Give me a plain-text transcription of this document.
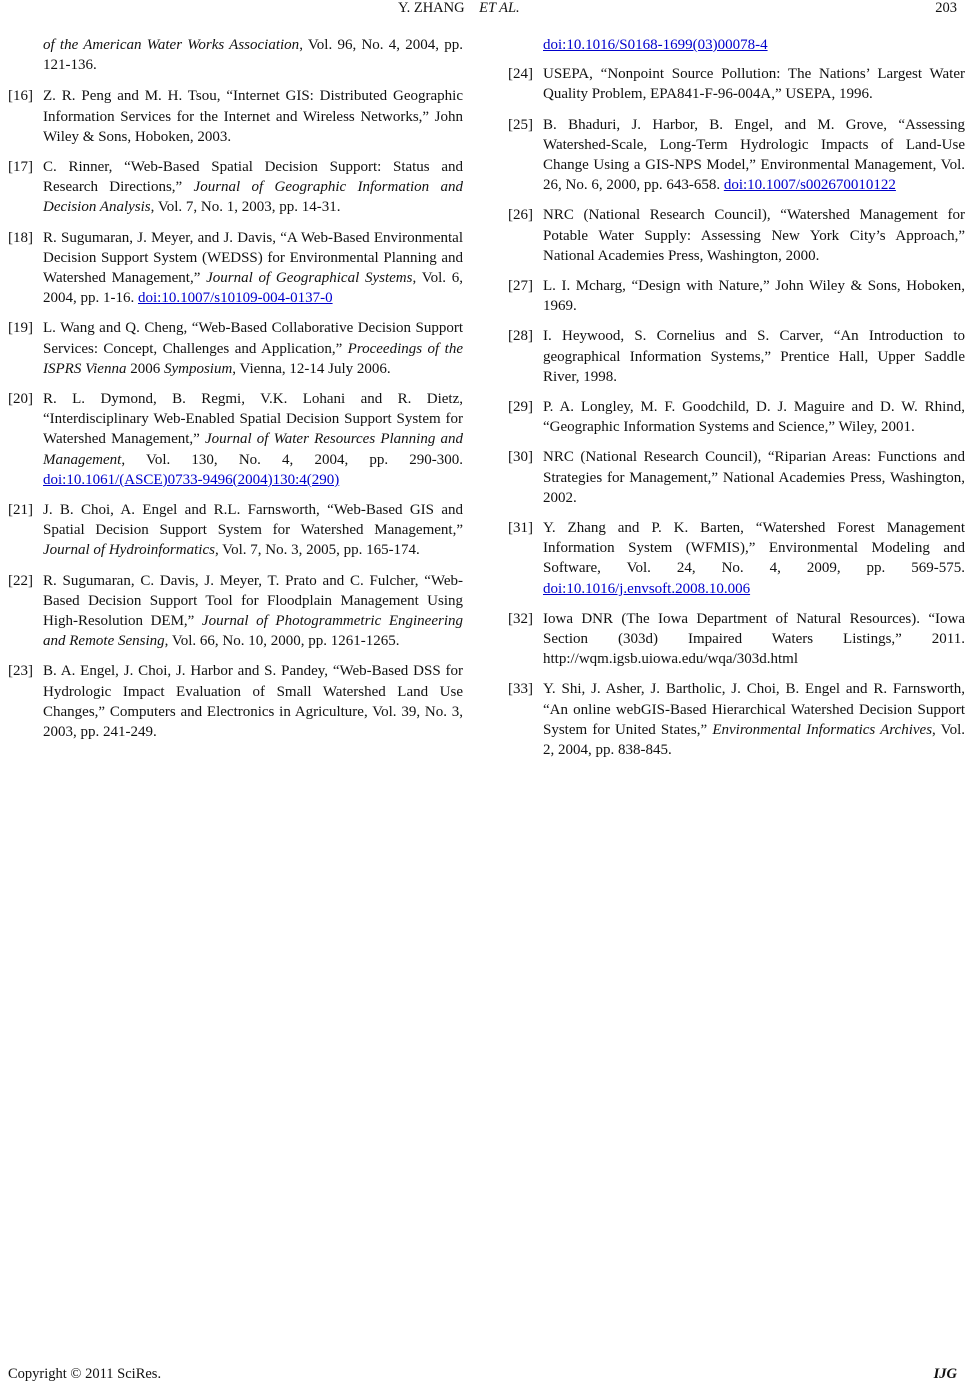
Y. ZHANG ET AL.	203
of the American Water Works Association, Vol. 96, No. 4, 2004, pp. 121-136.
[16] Z. R. Peng and M. H. Tsou, “Internet GIS: Distributed Geographic Information Services for the Internet and Wireless Networks,” John Wiley & Sons, Hoboken, 2003.
[17] C. Rinner, “Web-Based Spatial Decision Support: Status and Research Directions,” Journal of Geographic Information and Decision Analysis, Vol. 7, No. 1, 2003, pp. 14-31.
[18] R. Sugumaran, J. Meyer, and J. Davis, “A Web-Based Environmental Decision Support System (WEDSS) for Environmental Planning and Watershed Management,” Journal of Geographical Systems, Vol. 6, 2004, pp. 1-16. doi:10.1007/s10109-004-0137-0
[19] L. Wang and Q. Cheng, “Web-Based Collaborative Decision Support Services: Concept, Challenges and Application,” Proceedings of the ISPRS Vienna 2006 Symposium, Vienna, 12-14 July 2006.
[20] R. L. Dymond, B. Regmi, V.K. Lohani and R. Dietz, “Interdisciplinary Web-Enabled Spatial Decision Support System for Watershed Management,” Journal of Water Resources Planning and Management, Vol. 130, No. 4, 2004, pp. 290-300. doi:10.1061/(ASCE)0733-9496(2004)130:4(290)
[21] J. B. Choi, A. Engel and R.L. Farnsworth, “Web-Based GIS and Spatial Decision Support System for Watershed Management,” Journal of Hydroinformatics, Vol. 7, No. 3, 2005, pp. 165-174.
[22] R. Sugumaran, C. Davis, J. Meyer, T. Prato and C. Fulcher, “Web-Based Decision Support Tool for Floodplain Management Using High-Resolution DEM,” Journal of Photogrammetric Engineering and Remote Sensing, Vol. 66, No. 10, 2000, pp. 1261-1265.
[23] B. A. Engel, J. Choi, J. Harbor and S. Pandey, “Web-Based DSS for Hydrologic Impact Evaluation of Small Watershed Land Use Changes,” Computers and Electronics in Agriculture, Vol. 39, No. 3, 2003, pp. 241-249.
doi:10.1016/S0168-1699(03)00078-4
[24] USEPA, “Nonpoint Source Pollution: The Nations’ Largest Water Quality Problem, EPA841-F-96-004A,” USEPA, 1996.
[25] B. Bhaduri, J. Harbor, B. Engel, and M. Grove, “Assessing Watershed-Scale, Long-Term Hydrologic Impacts of Land-Use Change Using a GIS-NPS Model,” Environmental Management, Vol. 26, No. 6, 2000, pp. 643-658. doi:10.1007/s002670010122
[26] NRC (National Research Council), “Watershed Management for Potable Water Supply: Assessing New York City’s Approach,” National Academies Press, Washington, 2000.
[27] L. I. Mcharg, “Design with Nature,” John Wiley & Sons, Hoboken, 1969.
[28] I. Heywood, S. Cornelius and S. Carver, “An Introduction to geographical Information Systems,” Prentice Hall, Upper Saddle River, 1998.
[29] P. A. Longley, M. F. Goodchild, D. J. Maguire and D. W. Rhind, “Geographic Information Systems and Science,” Wiley, 2001.
[30] NRC (National Research Council), “Riparian Areas: Functions and Strategies for Management,” National Academies Press, Washington, 2002.
[31] Y. Zhang and P. K. Barten, “Watershed Forest Management Information System (WFMIS),” Environmental Modeling and Software, Vol. 24, No. 4, 2009, pp. 569-575. doi:10.1016/j.envsoft.2008.10.006
[32] Iowa DNR (The Iowa Department of Natural Resources). “Iowa Section (303d) Impaired Waters Listings,” 2011. http://wqm.igsb.uiowa.edu/wqa/303d.html
[33] Y. Shi, J. Asher, J. Bartholic, J. Choi, B. Engel and R. Farnsworth, “An online webGIS-Based Hierarchical Watershed Decision Support System for United States,” Environmental Informatics Archives, Vol. 2, 2004, pp. 838-845.
Copyright © 2011 SciRes.	IJG
